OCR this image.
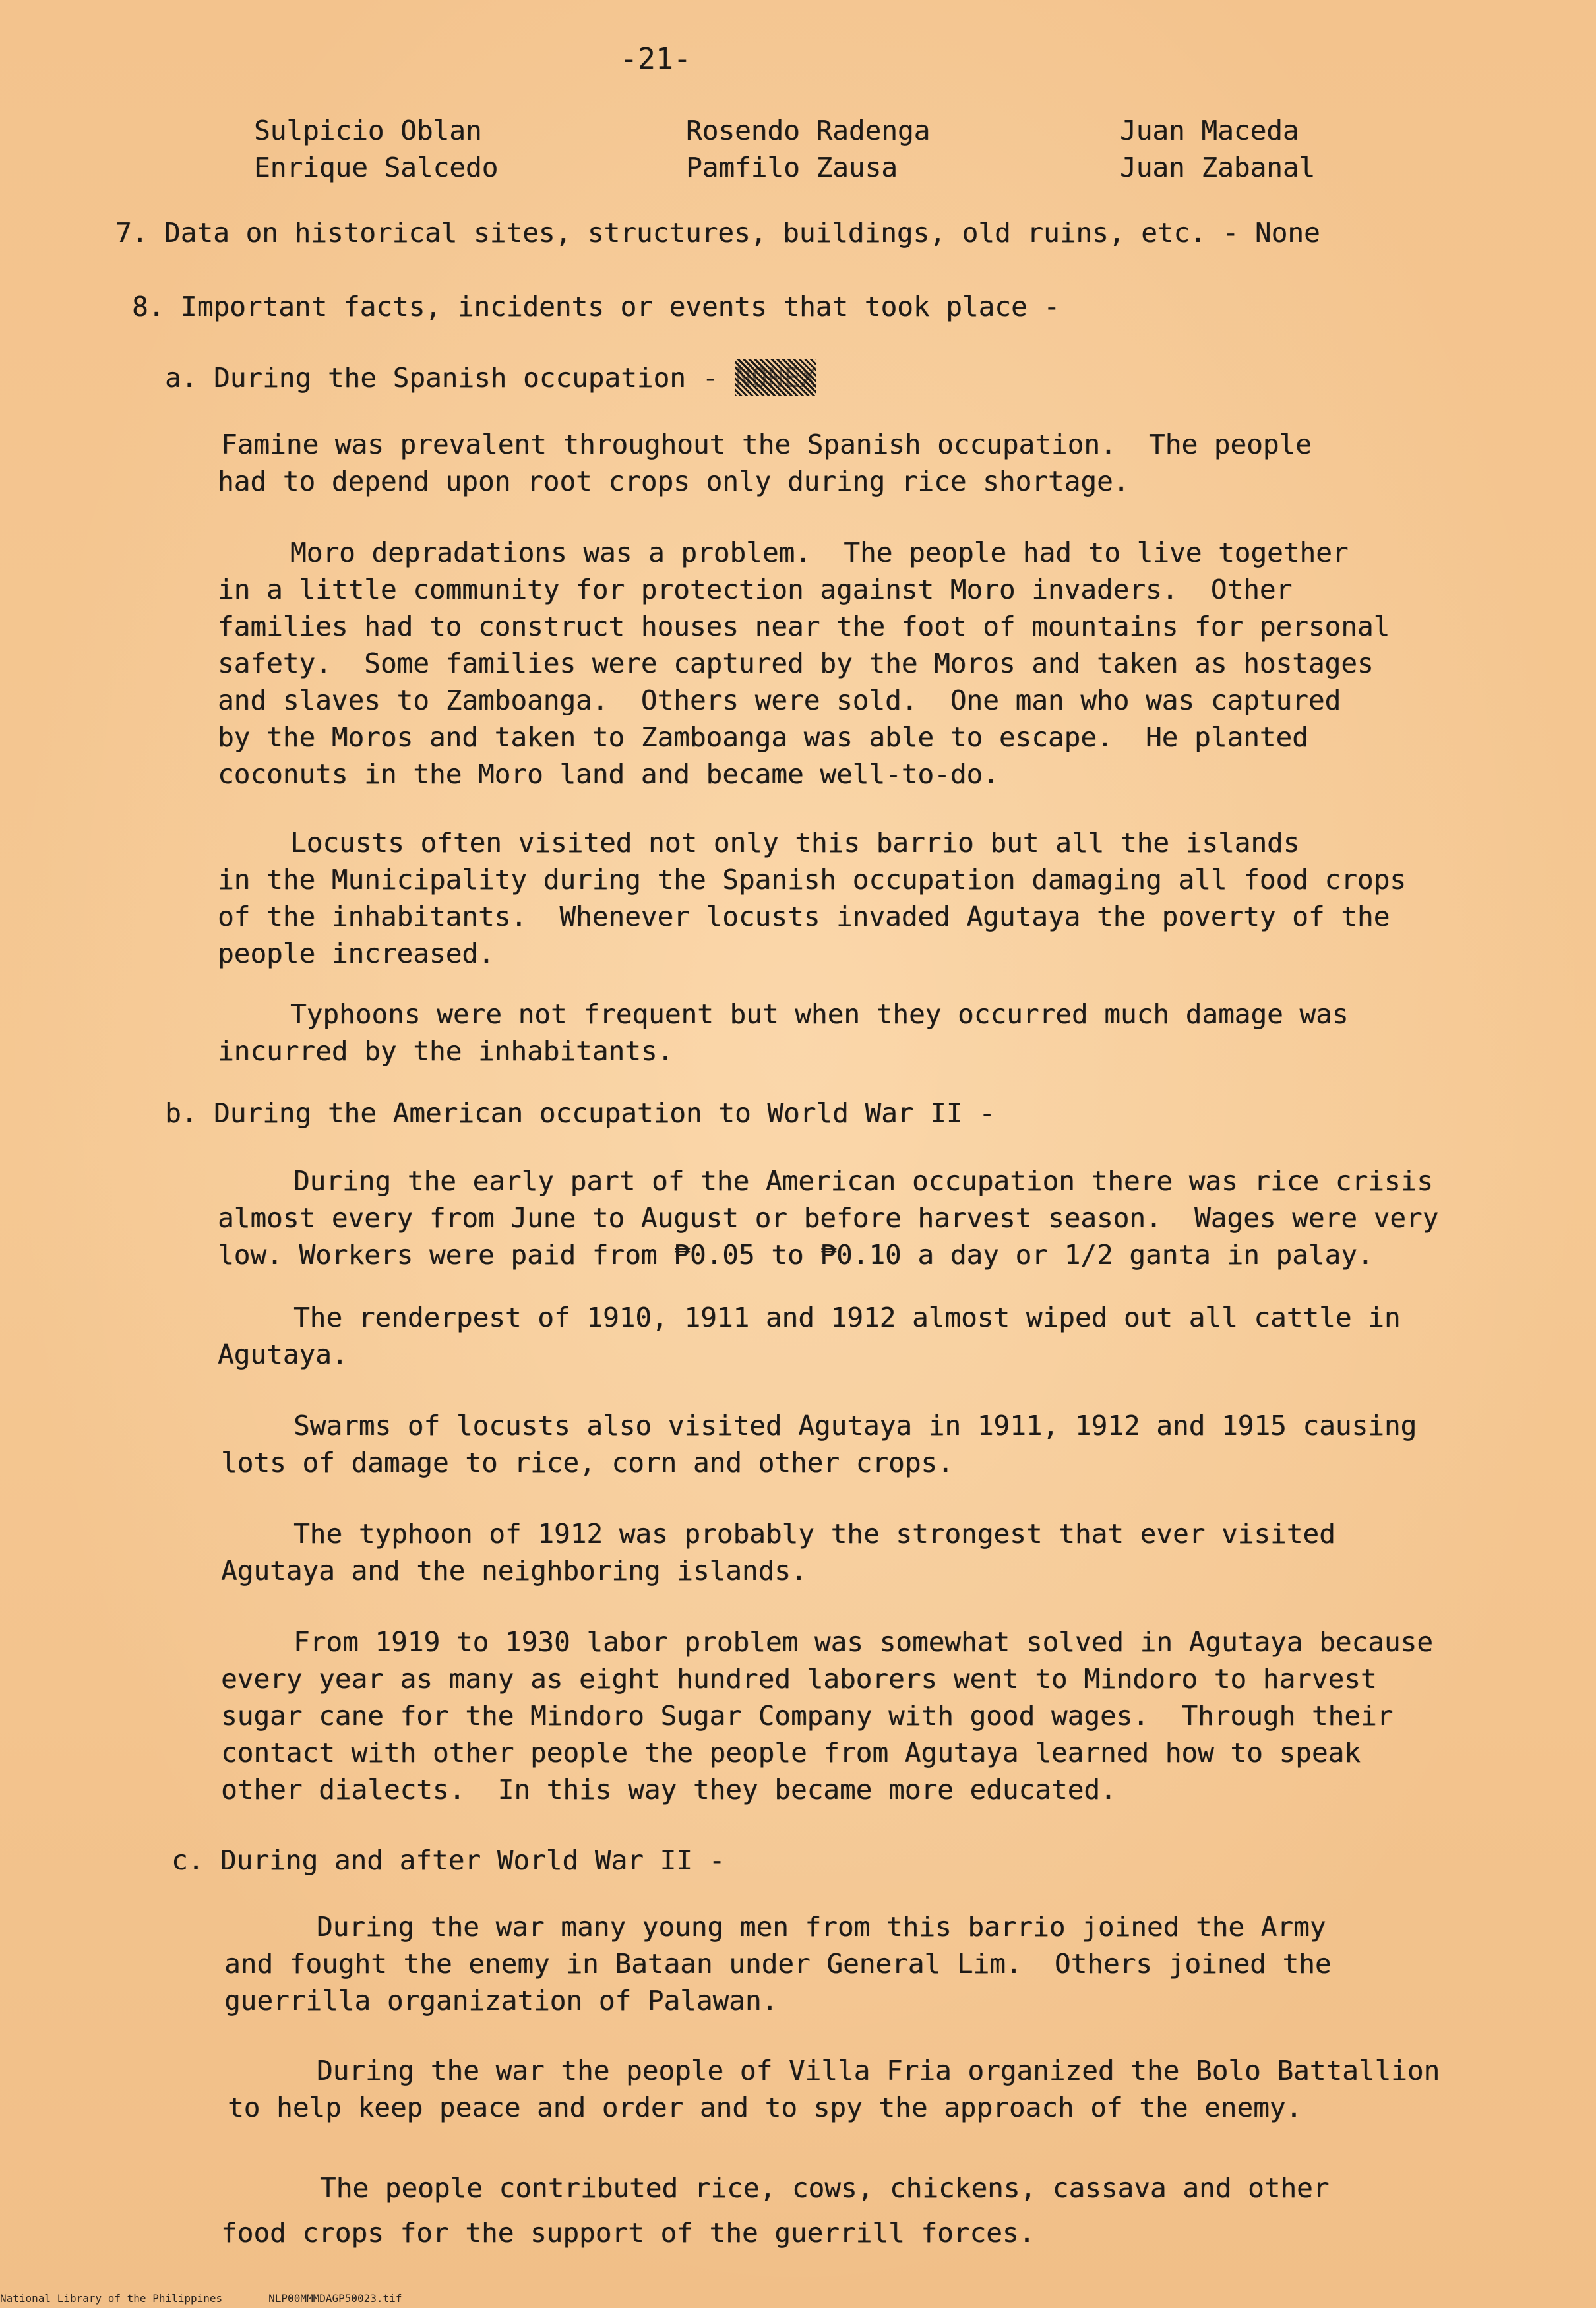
-21-
Sulpicio Oblan
Enrique Salcedo
Rosendo Radenga
Pamfilo Zausa
Juan Maceda
Juan Zabanal
7. Data on historical sites, structures, buildings, old ruins, etc. - None
8. Important facts, incidents or events that took place -
a. During the Spanish occupation - NONEX
Famine was prevalent throughout the Spanish occupation.  The people
had to depend upon root crops only during rice shortage.
Moro depradations was a problem.  The people had to live together
in a little community for protection against Moro invaders.  Other
families had to construct houses near the foot of mountains for personal
safety.  Some families were captured by the Moros and taken as hostages
and slaves to Zamboanga.  Others were sold.  One man who was captured
by the Moros and taken to Zamboanga was able to escape.  He planted
coconuts in the Moro land and became well-to-do.
Locusts often visited not only this barrio but all the islands
in the Municipality during the Spanish occupation damaging all food crops
of the inhabitants.  Whenever locusts invaded Agutaya the poverty of the
people increased.
Typhoons were not frequent but when they occurred much damage was
incurred by the inhabitants.
b. During the American occupation to World War II -
During the early part of the American occupation there was rice crisis
almost every from June to August or before harvest season.  Wages were very
low. Workers were paid from ₱0.05 to ₱0.10 a day or 1/2 ganta in palay.
The renderpest of 1910, 1911 and 1912 almost wiped out all cattle in
Agutaya.
Swarms of locusts also visited Agutaya in 1911, 1912 and 1915 causing
lots of damage to rice, corn and other crops.
The typhoon of 1912 was probably the strongest that ever visited
Agutaya and the neighboring islands.
From 1919 to 1930 labor problem was somewhat solved in Agutaya because
every year as many as eight hundred laborers went to Mindoro to harvest
sugar cane for the Mindoro Sugar Company with good wages.  Through their
contact with other people the people from Agutaya learned how to speak
other dialects.  In this way they became more educated.
c. During and after World War II -
During the war many young men from this barrio joined the Army
and fought the enemy in Bataan under General Lim.  Others joined the
guerrilla organization of Palawan.
During the war the people of Villa Fria organized the Bolo Battallion
to help keep peace and order and to spy the approach of the enemy.
The people contributed rice, cows, chickens, cassava and other
food crops for the support of the guerrill forces.
National Library of the Philippines	NLP00MMMDAGP50023.tif
